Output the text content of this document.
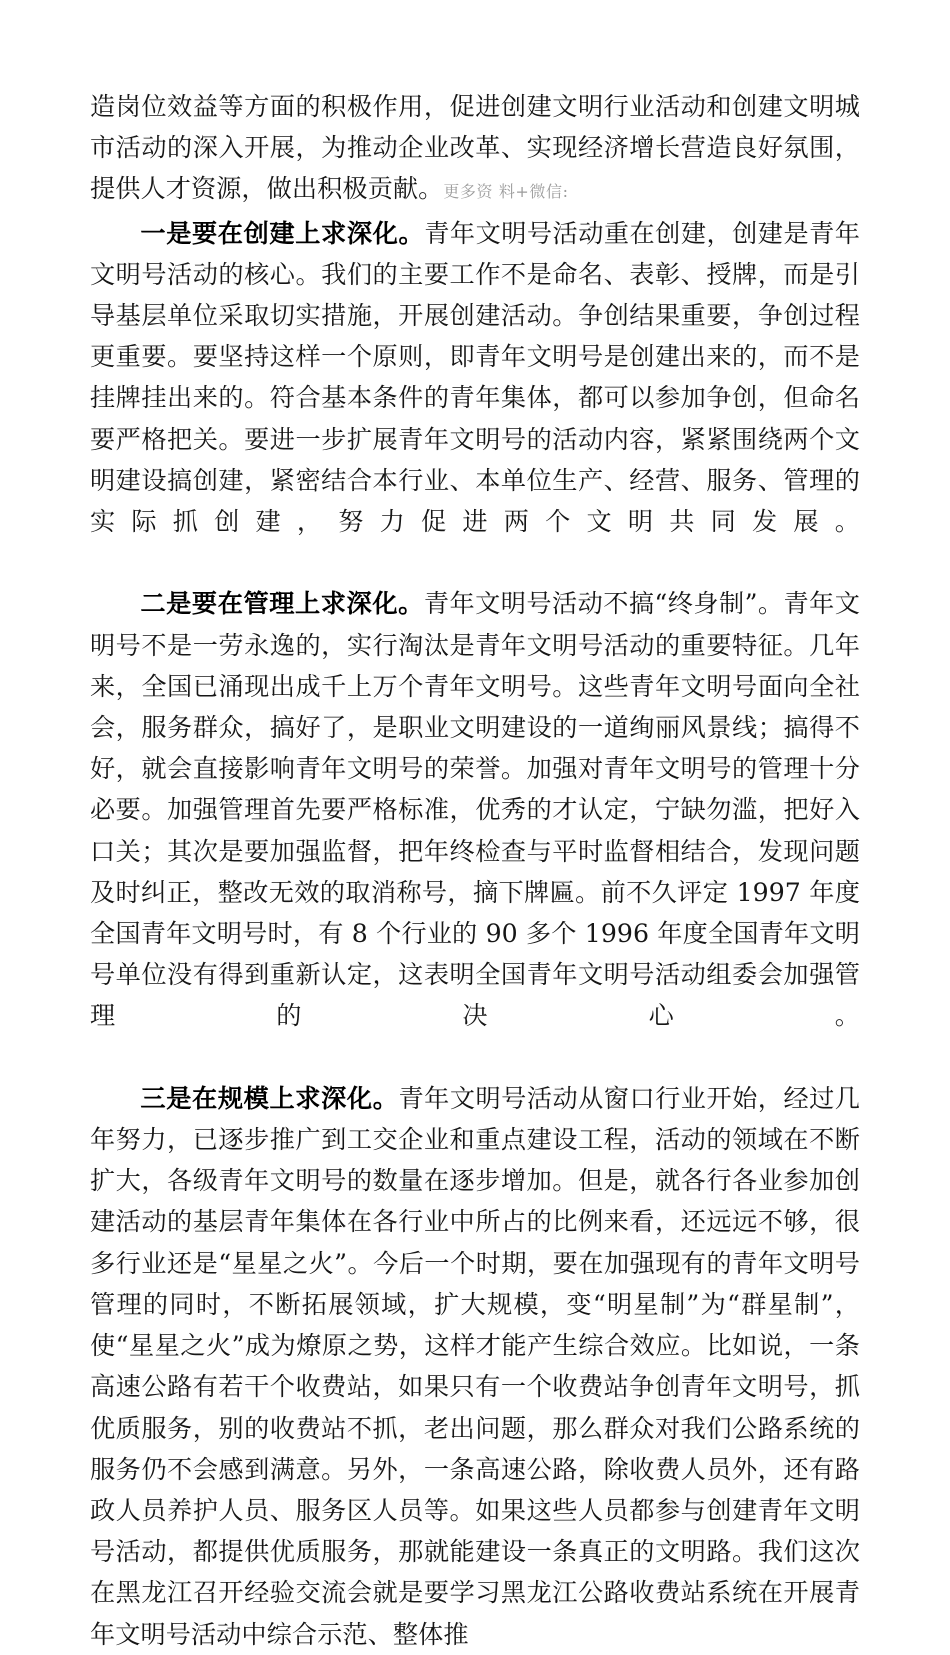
造岗位效益等方面的积极作用，促进创建文明行业活动和创建文明城市活动的深入开展，为推动企业改革、实现经济增长营造良好氛围，提供人才资源，做出积极贡献。更多资 料+微信:

一是要在创建上求深化。青年文明号活动重在创建，创建是青年文明号活动的核心。我们的主要工作不是命名、表彰、授牌，而是引导基层单位采取切实措施，开展创建活动。争创结果重要，争创过程更重要。要坚持这样一个原则，即青年文明号是创建出来的，而不是挂牌挂出来的。符合基本条件的青年集体，都可以参加争创，但命名要严格把关。要进一步扩展青年文明号的活动内容，紧紧围绕两个文明建设搞创建，紧密结合本行业、本单位生产、经营、服务、管理的实际抓创建，努力促进两个文明共同发展。

二是要在管理上求深化。青年文明号活动不搞“终身制”。青年文明号不是一劳永逸的，实行淘汰是青年文明号活动的重要特征。几年来，全国已涌现出成千上万个青年文明号。这些青年文明号面向全社会，服务群众，搞好了，是职业文明建设的一道绚丽风景线；搞得不好，就会直接影响青年文明号的荣誉。加强对青年文明号的管理十分必要。加强管理首先要严格标准，优秀的才认定，宁缺勿滥，把好入口关；其次是要加强监督，把年终检查与平时监督相结合，发现问题及时纠正，整改无效的取消称号，摘下牌匾。前不久评定 1997 年度全国青年文明号时，有 8 个行业的 90 多个 1996 年度全国青年文明号单位没有得到重新认定，这表明全国青年文明号活动组委会加强管理的决心。

三是在规模上求深化。青年文明号活动从窗口行业开始，经过几年努力，已逐步推广到工交企业和重点建设工程，活动的领域在不断扩大，各级青年文明号的数量在逐步增加。但是，就各行各业参加创建活动的基层青年集体在各行业中所占的比例来看，还远远不够，很多行业还是“星星之火”。今后一个时期，要在加强现有的青年文明号管理的同时，不断拓展领域，扩大规模，变“明星制”为“群星制”，使“星星之火”成为燎原之势，这样才能产生综合效应。比如说，一条高速公路有若干个收费站，如果只有一个收费站争创青年文明号，抓优质服务，别的收费站不抓，老出问题，那么群众对我们公路系统的服务仍不会感到满意。另外，一条高速公路，除收费人员外，还有路政人员养护人员、服务区人员等。如果这些人员都参与创建青年文明号活动，都提供优质服务，那就能建设一条真正的文明路。我们这次在黑龙江召开经验交流会就是要学习黑龙江公路收费站系统在开展青年文明号活动中综合示范、整体推
